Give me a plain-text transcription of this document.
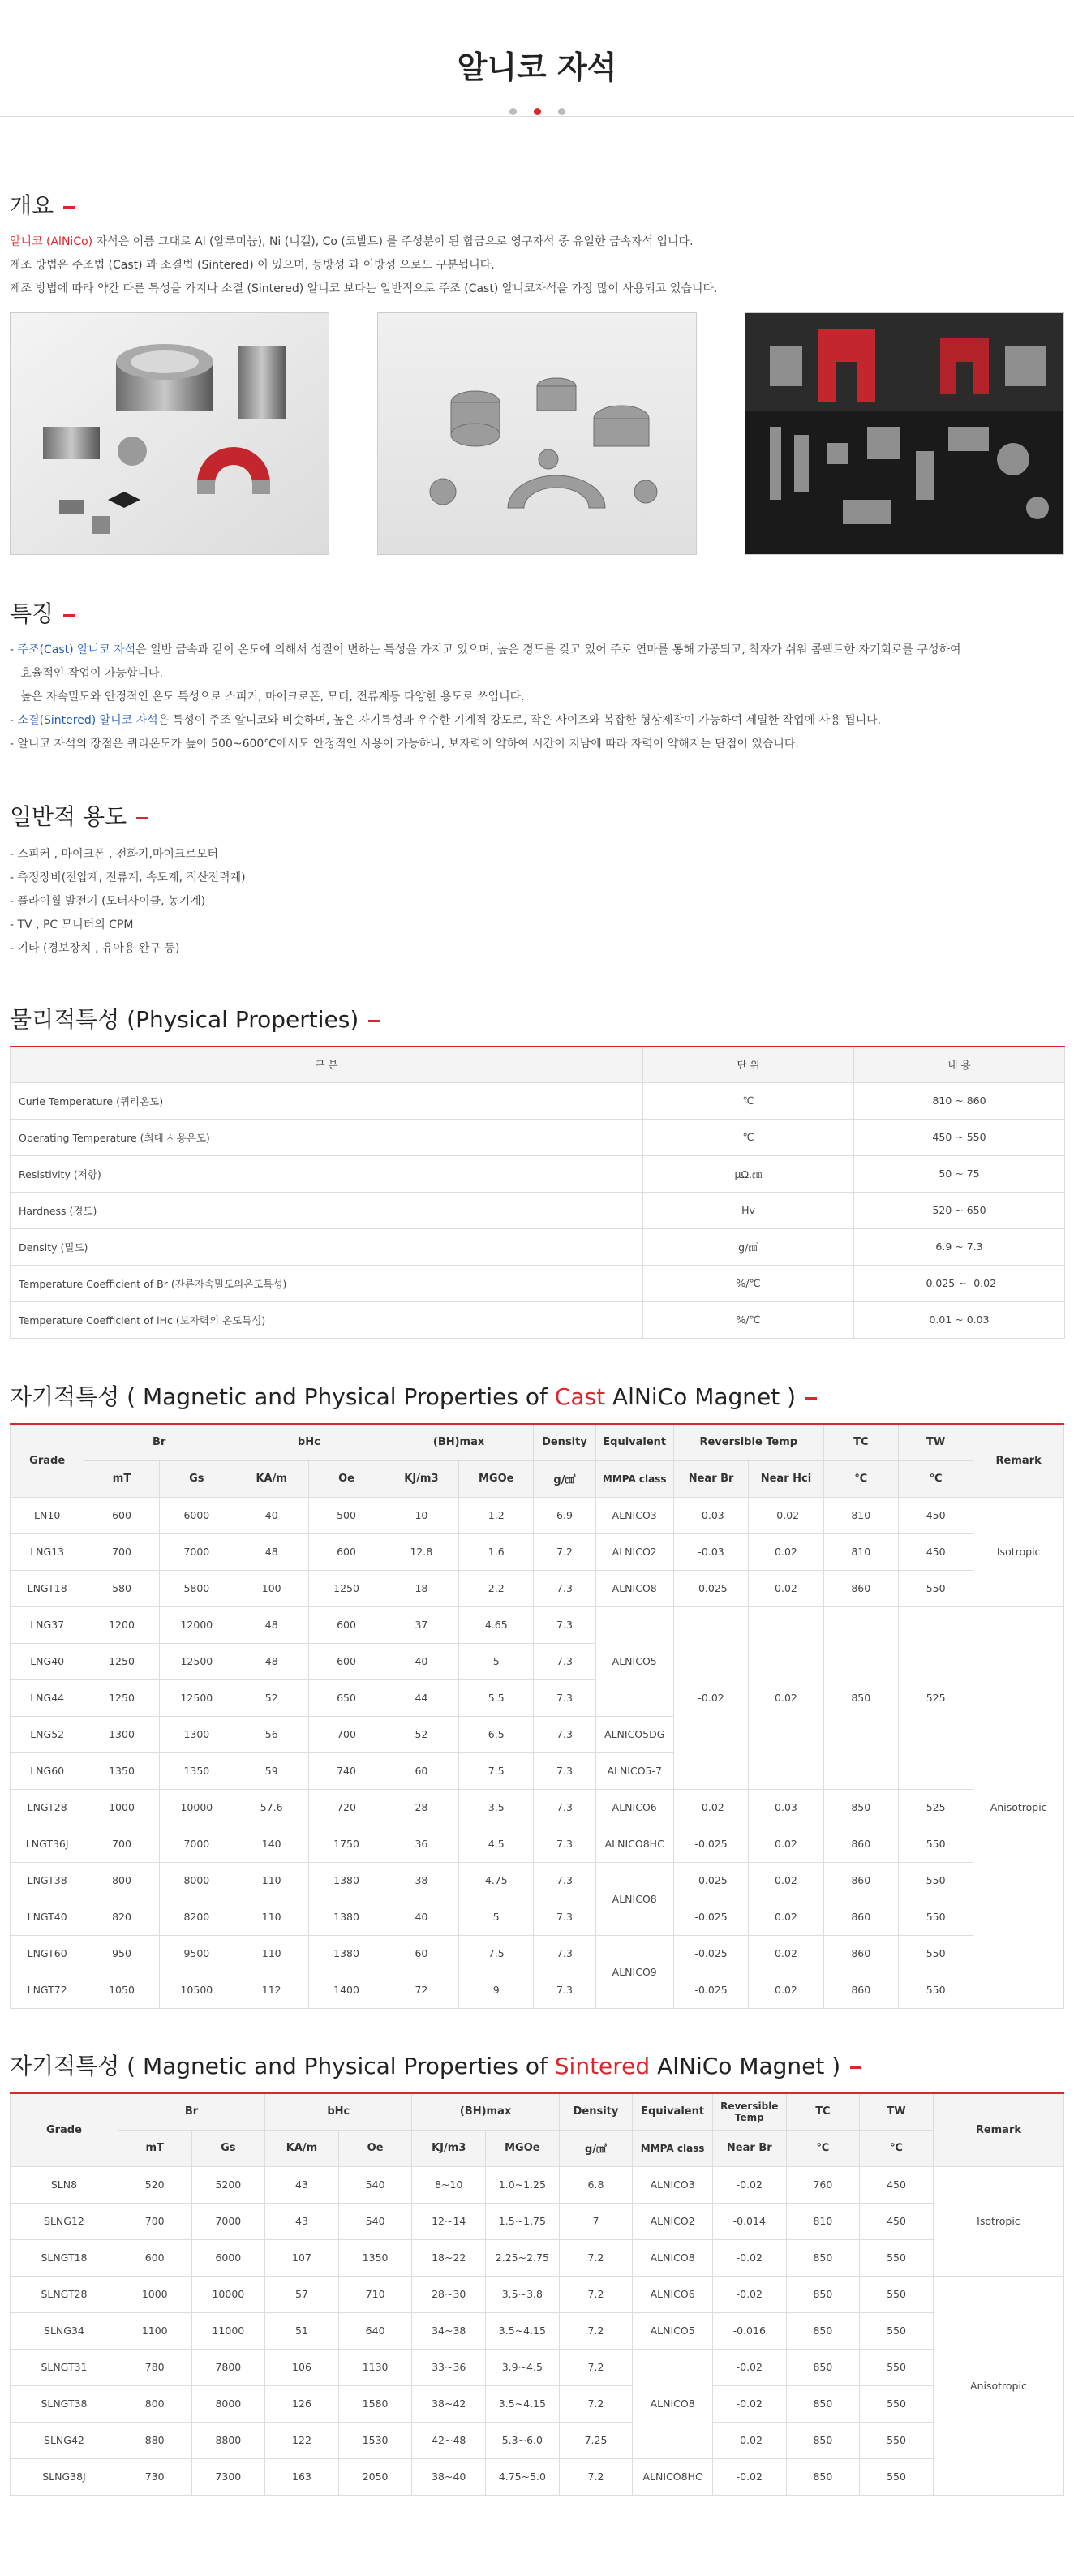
알니코 자석
개요
알니코 (AlNiCo) 자석은 이름 그대로 Al (알루미늄), Ni (니켈), Co (코발트) 를 주성분이 된 합금으로 영구자석 중 유일한 금속자석 입니다.
제조 방법은 주조법 (Cast) 과 소결법 (Sintered) 이 있으며, 등방성 과 이방성 으로도 구분됩니다.
제조 방법에 따라 약간 다른 특성을 가지나 소결 (Sintered) 알니코 보다는 일반적으로 주조 (Cast) 알니코자석을 가장 많이 사용되고 있습니다.
특징
- 주조(Cast) 알니코 자석은 일반 금속과 같이 온도에 의해서 성질이 변하는 특성을 가지고 있으며, 높은 경도를 갖고 있어 주로 연마를 통해 가공되고, 착자가 쉬워 콤팩트한 자기회로를 구성하여
효율적인 작업이 가능합니다.
높은 자속밀도와 안정적인 온도 특성으로 스피커, 마이크로폰, 모터, 전류계등 다양한 용도로 쓰입니다.
- 소결(Sintered) 알니코 자석은 특성이 주조 알니코와 비슷하며, 높은 자기특성과 우수한 기계적 강도로, 작은 사이즈와 복잡한 형상제작이 가능하여 세밀한 작업에 사용 됩니다.
- 알니코 자석의 장점은 퀴리온도가 높아 500~600℃에서도 안정적인 사용이 가능하나, 보자력이 약하여 시간이 지남에 따라 자력이 약해지는 단점이 있습니다.
일반적 용도
- 스피커 , 마이크폰 , 전화기,마이크로모터
- 측정장비(전압계, 전류계, 속도계, 적산전력계)
- 플라이휠 발전기 (모터사이클, 농기계)
- TV , PC 모니터의 CPM
- 기타 (경보장치 , 유아용 완구 등)
물리적특성 (Physical Properties)
구 분	단 위	내 용
Curie Temperature (퀴리온도)	℃	810 ~ 860
Operating Temperature (최대 사용온도)	℃	450 ~ 550
Resistivity (저항)	μΩ.㎝	50 ~ 75
Hardness (경도)	Hv	520 ~ 650
Density (밀도)	g/㎤	6.9 ~ 7.3
Temperature Coefficient of Br (잔류자속밀도의온도특성)	%/℃	-0.025 ~ -0.02
Temperature Coefficient of iHc (보자력의 온도특성)	%/℃	0.01 ~ 0.03
자기적특성 ( Magnetic and Physical Properties of Cast AlNiCo Magnet )
Grade	Br		bHc		(BH)max		Density	Equivalent	Reversible Temp		TC	TW	Remark
	mT	Gs	KA/m	Oe	KJ/m3	MGOe	g/㎤	MMPA class	Near Br	Near Hci	℃	℃	
LN10	600	6000	40	500	10	1.2	6.9	ALNICO3	-0.03	-0.02	810	450	Isotropic
LNG13	700	7000	48	600	12.8	1.6	7.2	ALNICO2	-0.03	0.02	810	450	
LNGT18	580	5800	100	1250	18	2.2	7.3	ALNICO8	-0.025	0.02	860	550	
LNG37	1200	12000	48	600	37	4.65	7.3	ALNICO5	-0.02	0.02	850	525	Anisotropic
LNG40	1250	12500	48	600	40	5	7.3						
LNG44	1250	12500	52	650	44	5.5	7.3						
LNG52	1300	1300	56	700	52	6.5	7.3	ALNICO5DG					
LNG60	1350	1350	59	740	60	7.5	7.3	ALNICO5-7					
LNGT28	1000	10000	57.6	720	28	3.5	7.3	ALNICO6	-0.02	0.03	850	525	
LNGT36J	700	7000	140	1750	36	4.5	7.3	ALNICO8HC	-0.025	0.02	860	550	
LNGT38	800	8000	110	1380	38	4.75	7.3	ALNICO8	-0.025	0.02	860	550	
LNGT40	820	8200	110	1380	40	5	7.3		-0.025	0.02	860	550	
LNGT60	950	9500	110	1380	60	7.5	7.3	ALNICO9	-0.025	0.02	860	550	
LNGT72	1050	10500	112	1400	72	9	7.3		-0.025	0.02	860	550	
자기적특성 ( Magnetic and Physical Properties of Sintered AlNiCo Magnet )
Grade	Br		bHc		(BH)max		Density	Equivalent	Reversible Temp	TC	TW	Remark
	mT	Gs	KA/m	Oe	KJ/m3	MGOe	g/㎤	MMPA class	Near Br	℃	℃	
SLN8	520	5200	43	540	8~10	1.0~1.25	6.8	ALNICO3	-0.02	760	450	Isotropic
SLNG12	700	7000	43	540	12~14	1.5~1.75	7	ALNICO2	-0.014	810	450	
SLNGT18	600	6000	107	1350	18~22	2.25~2.75	7.2	ALNICO8	-0.02	850	550	
SLNGT28	1000	10000	57	710	28~30	3.5~3.8	7.2	ALNICO6	-0.02	850	550	Anisotropic
SLNG34	1100	11000	51	640	34~38	3.5~4.15	7.2	ALNICO5	-0.016	850	550	
SLNGT31	780	7800	106	1130	33~36	3.9~4.5	7.2	ALNICO8	-0.02	850	550	
SLNGT38	800	8000	126	1580	38~42	3.5~4.15	7.2		-0.02	850	550	
SLNG42	880	8800	122	1530	42~48	5.3~6.0	7.25		-0.02	850	550	
SLNG38J	730	7300	163	2050	38~40	4.75~5.0	7.2	ALNICO8HC	-0.02	850	550	
